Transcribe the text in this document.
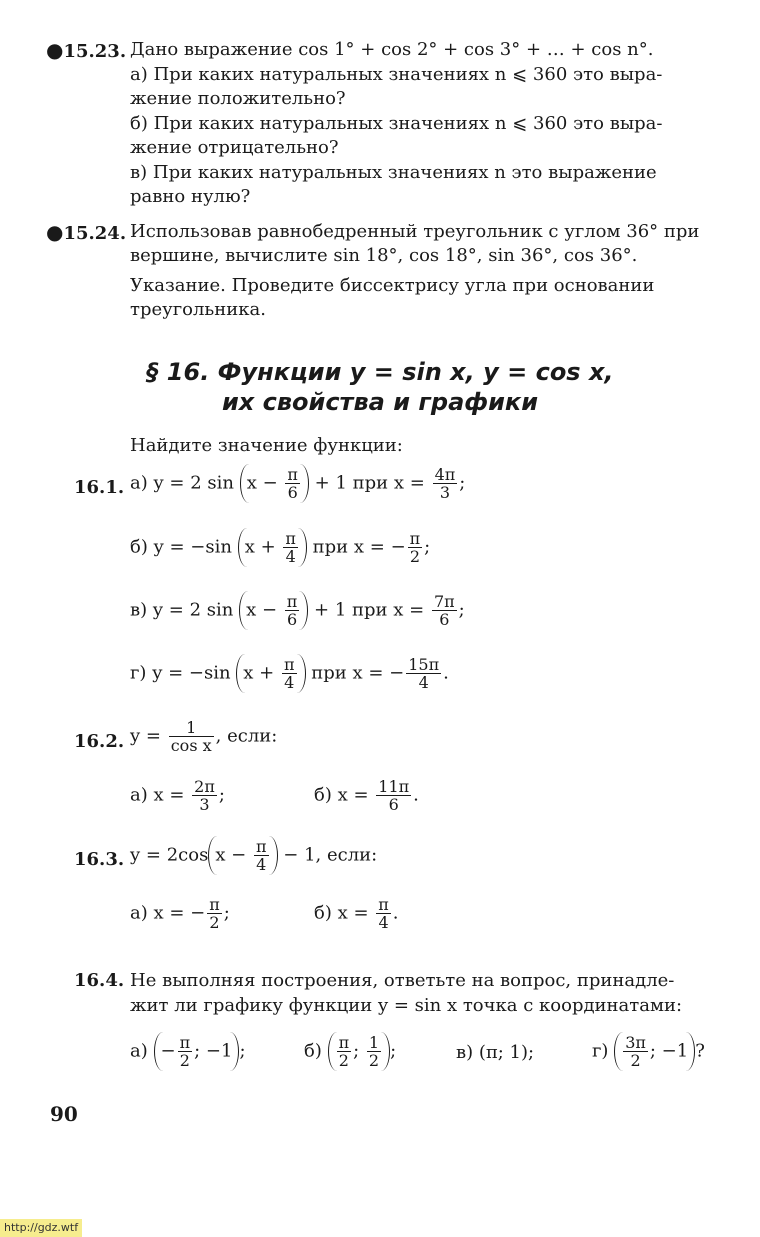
●15.23. Дано выражение cos 1° + cos 2° + cos 3° + … + cos n°.
а) При каких натуральных значениях n ⩽ 360 это выра-
жение положительно?
б) При каких натуральных значениях n ⩽ 360 это выра-
жение отрицательно?
в) При каких натуральных значениях n это выражение
равно нулю?
●15.24. Использовав равнобедренный треугольник с углом 36° при
вершине, вычислите sin 18°, cos 18°, sin 36°, cos 36°.
Указание. Проведите биссектрису угла при основании
треугольника.
§ 16. Функции y = sin x, y = cos x,
их свойства и графики
Найдите значение функции:
16.1. а) y = 2 $\sin x - \frac{\pi}{6} + 1$ при $x = \frac{4\pi}{3}$ ;
б) y = −sin $x + \frac{\pi}{4}$ при x = − $\frac{\pi}{2}$ ;
в) y = 2 $\sin x - \frac{\pi}{6} + 1$ при $x = \frac{7\pi}{6}$ ;
г) y = −sin $x + \frac{\pi}{4}$ при x = − $\frac{15\pi}{4}$ .
16.2. $y = \frac{1}{\text{cos x}}$ , если:
а) $x = \frac{2\pi}{3}$ ;	б) $x = \frac{11\pi}{6}$ .
16.3. y = 2cos $x - \frac{\pi}{4} - 1$, если:
а) x = − $\frac{\pi}{2}$ ;	б) $x = \frac{\pi}{4}$ .
16.4. Не выполняя построения, ответьте на вопрос, принадле-
жит ли графику функции y = sin x точка с координатами:
$а) - \frac{\pi}{2}$ ; −1 ;	$б) \frac{\pi}{2}$ ; $\frac{1}{2}$ ;	в) (π; 1);	$г) \frac{3\pi}{2}$ ; −1 ?
90
http://gdz.wtf
